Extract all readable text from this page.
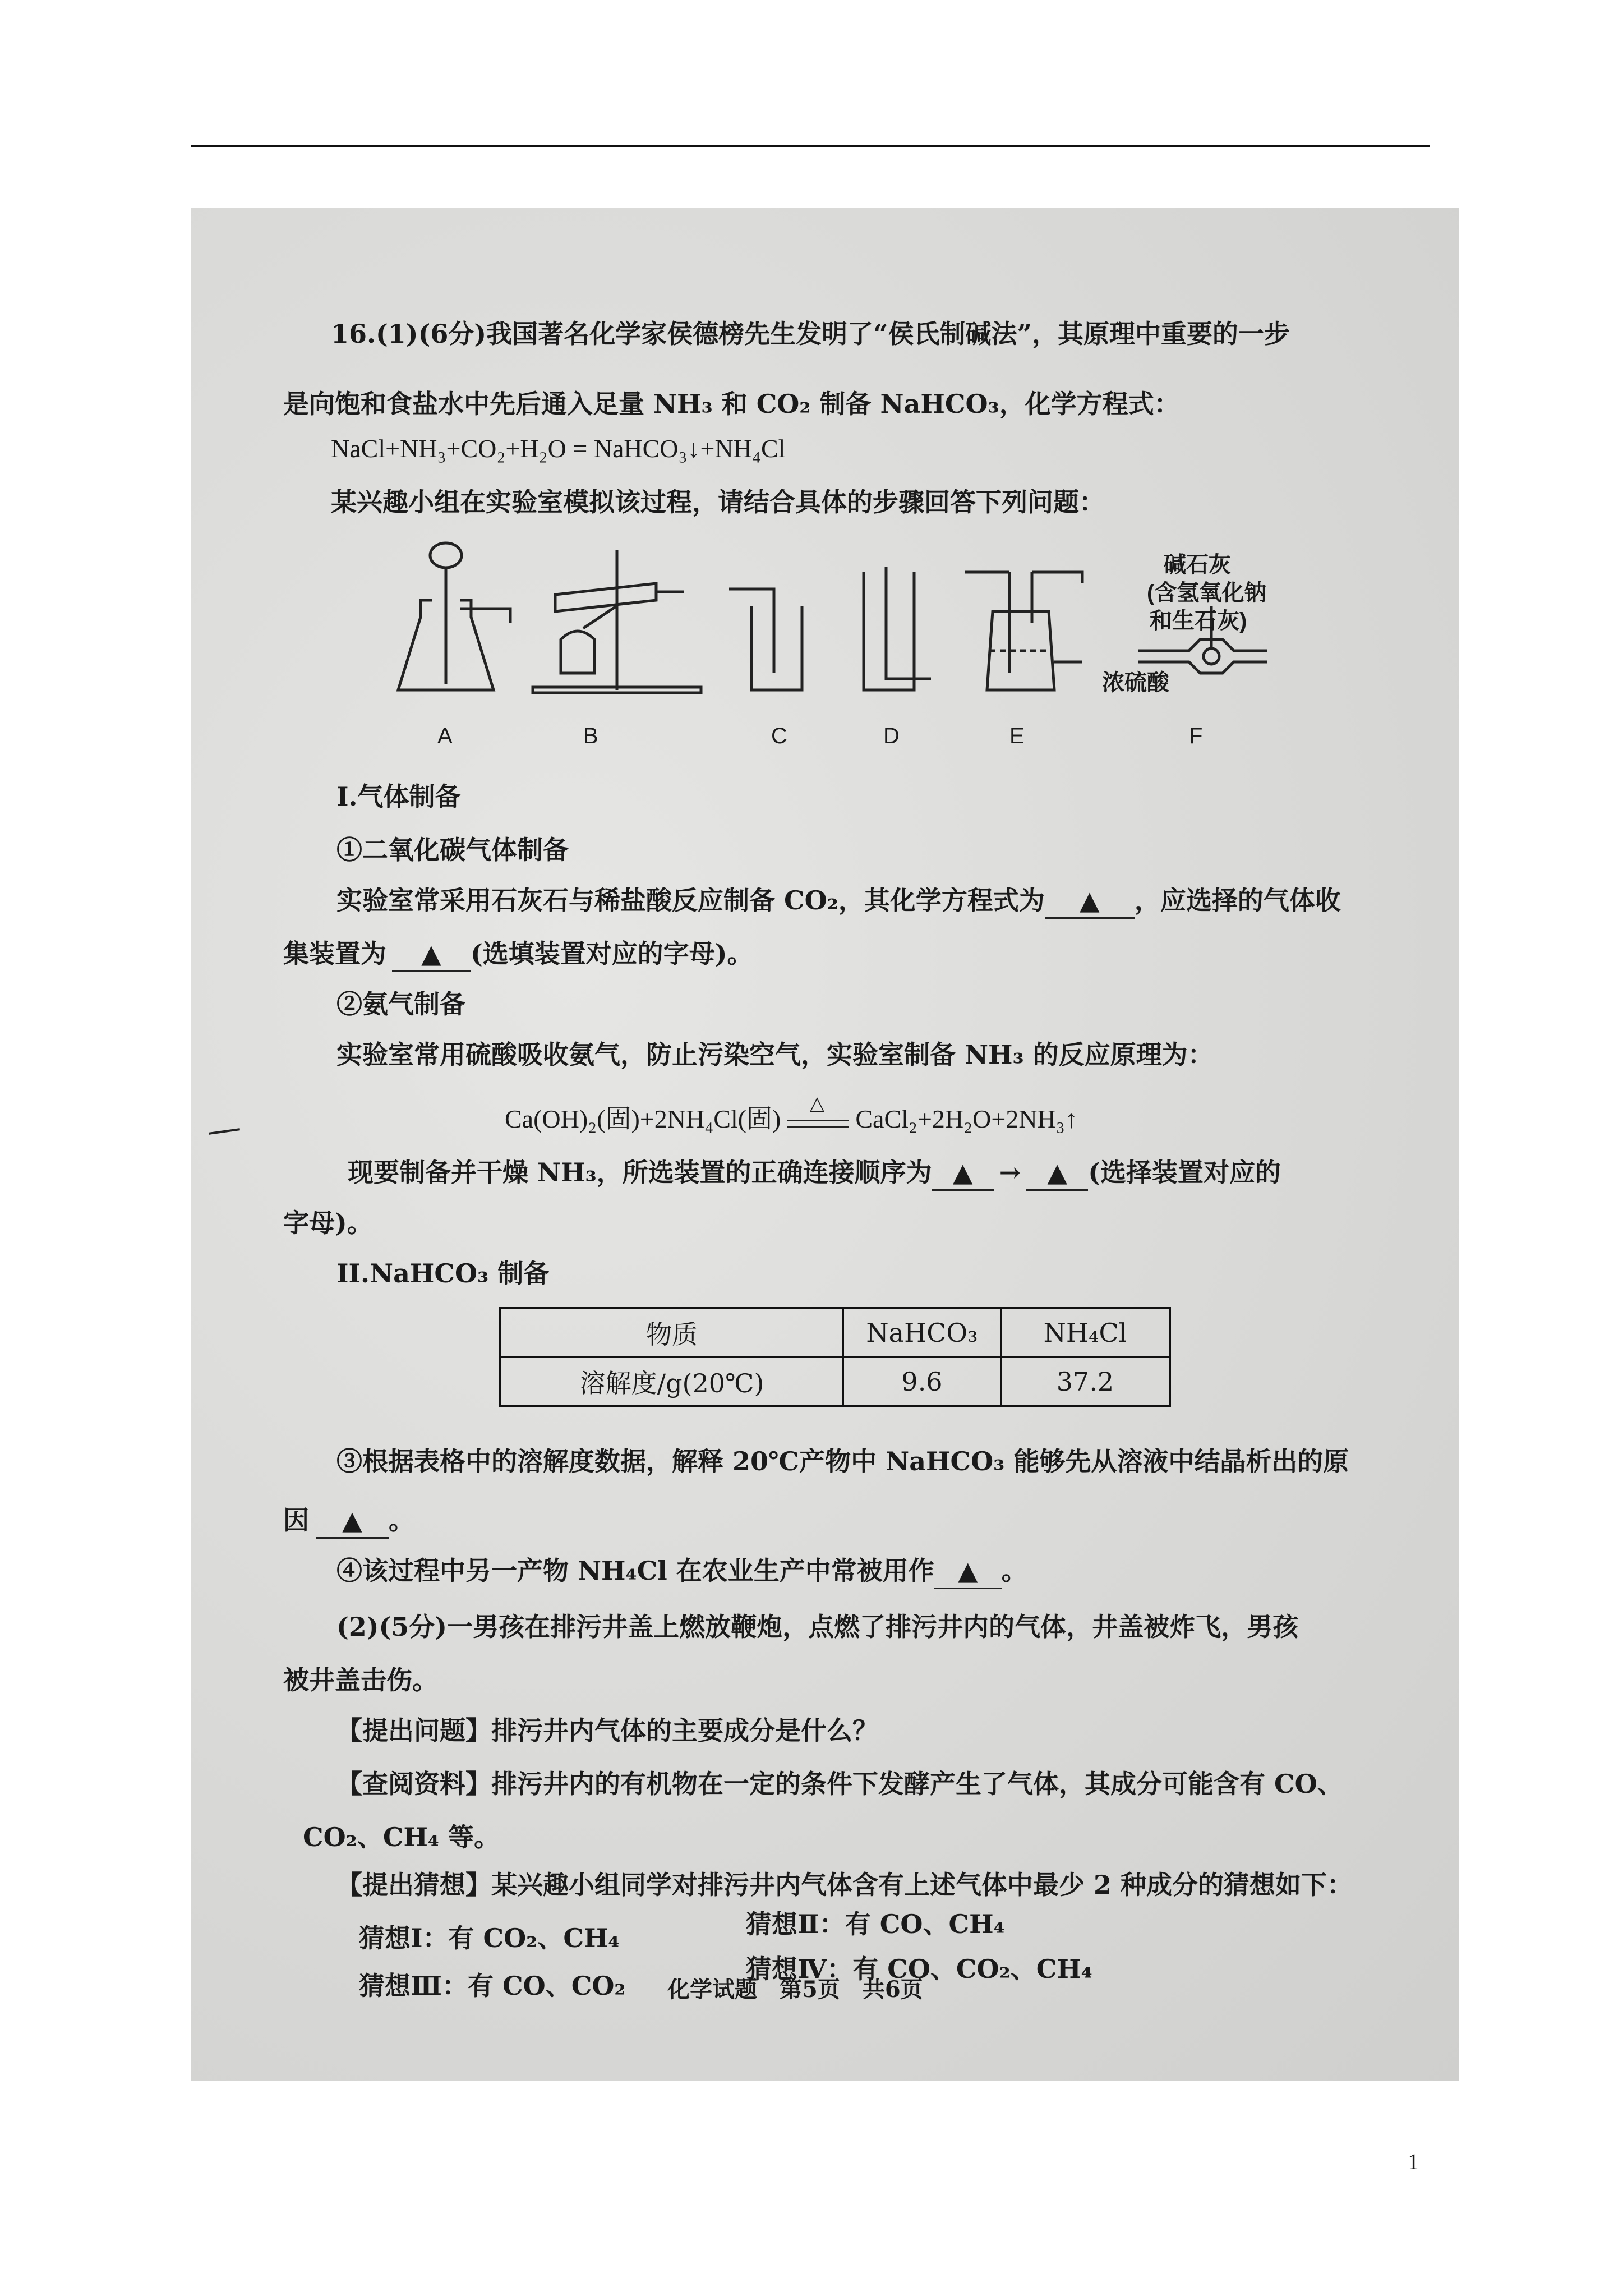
16.(1)(6分)我国著名化学家侯德榜先生发明了“侯氏制碱法”，其原理中重要的一步
是向饱和食盐水中先后通入足量 NH₃ 和 CO₂ 制备 NaHCO₃，化学方程式：
NaCl+NH₃+CO₂+H₂O = NaHCO₃↓+NH₄Cl
某兴趣小组在实验室模拟该过程，请结合具体的步骤回答下列问题：
A	B	C	D	E	F
浓硫酸
碱石灰
(含氢氧化钠
和生石灰)
I.气体制备
①二氧化碳气体制备
实验室常采用石灰石与稀盐酸反应制备 CO₂，其化学方程式为 ▲ ，应选择的气体收
集装置为 ▲ (选填装置对应的字母)。
②氨气制备
实验室常用硫酸吸收氨气，防止污染空气，实验室制备 NH₃ 的反应原理为：
Ca(OH)₂(固)+2NH₄Cl(固)
△
CaCl₂+2H₂O+2NH₃↑
现要制备并干燥 NH₃，所选装置的正确连接顺序为 ▲ → ▲ (选择装置对应的
字母)。
II.NaHCO₃ 制备
物质	NaHCO₃	NH₄Cl
溶解度/g(20℃)	9.6	37.2
③根据表格中的溶解度数据，解释 20℃产物中 NaHCO₃ 能够先从溶液中结晶析出的原
因 ▲ 。
④该过程中另一产物 NH₄Cl 在农业生产中常被用作 ▲ 。
(2)(5分)一男孩在排污井盖上燃放鞭炮，点燃了排污井内的气体，井盖被炸飞，男孩
被井盖击伤。
【提出问题】排污井内气体的主要成分是什么？
【查阅资料】排污井内的有机物在一定的条件下发酵产生了气体，其成分可能含有 CO、
CO₂、CH₄ 等。
【提出猜想】某兴趣小组同学对排污井内气体含有上述气体中最少 2 种成分的猜想如下：
猜想Ⅰ：有 CO₂、CH₄	猜想Ⅱ：有 CO、CH₄
猜想Ⅲ：有 CO、CO₂
猜想Ⅳ：有 CO、CO₂、CH₄
化学试题　第5页　共6页
1
